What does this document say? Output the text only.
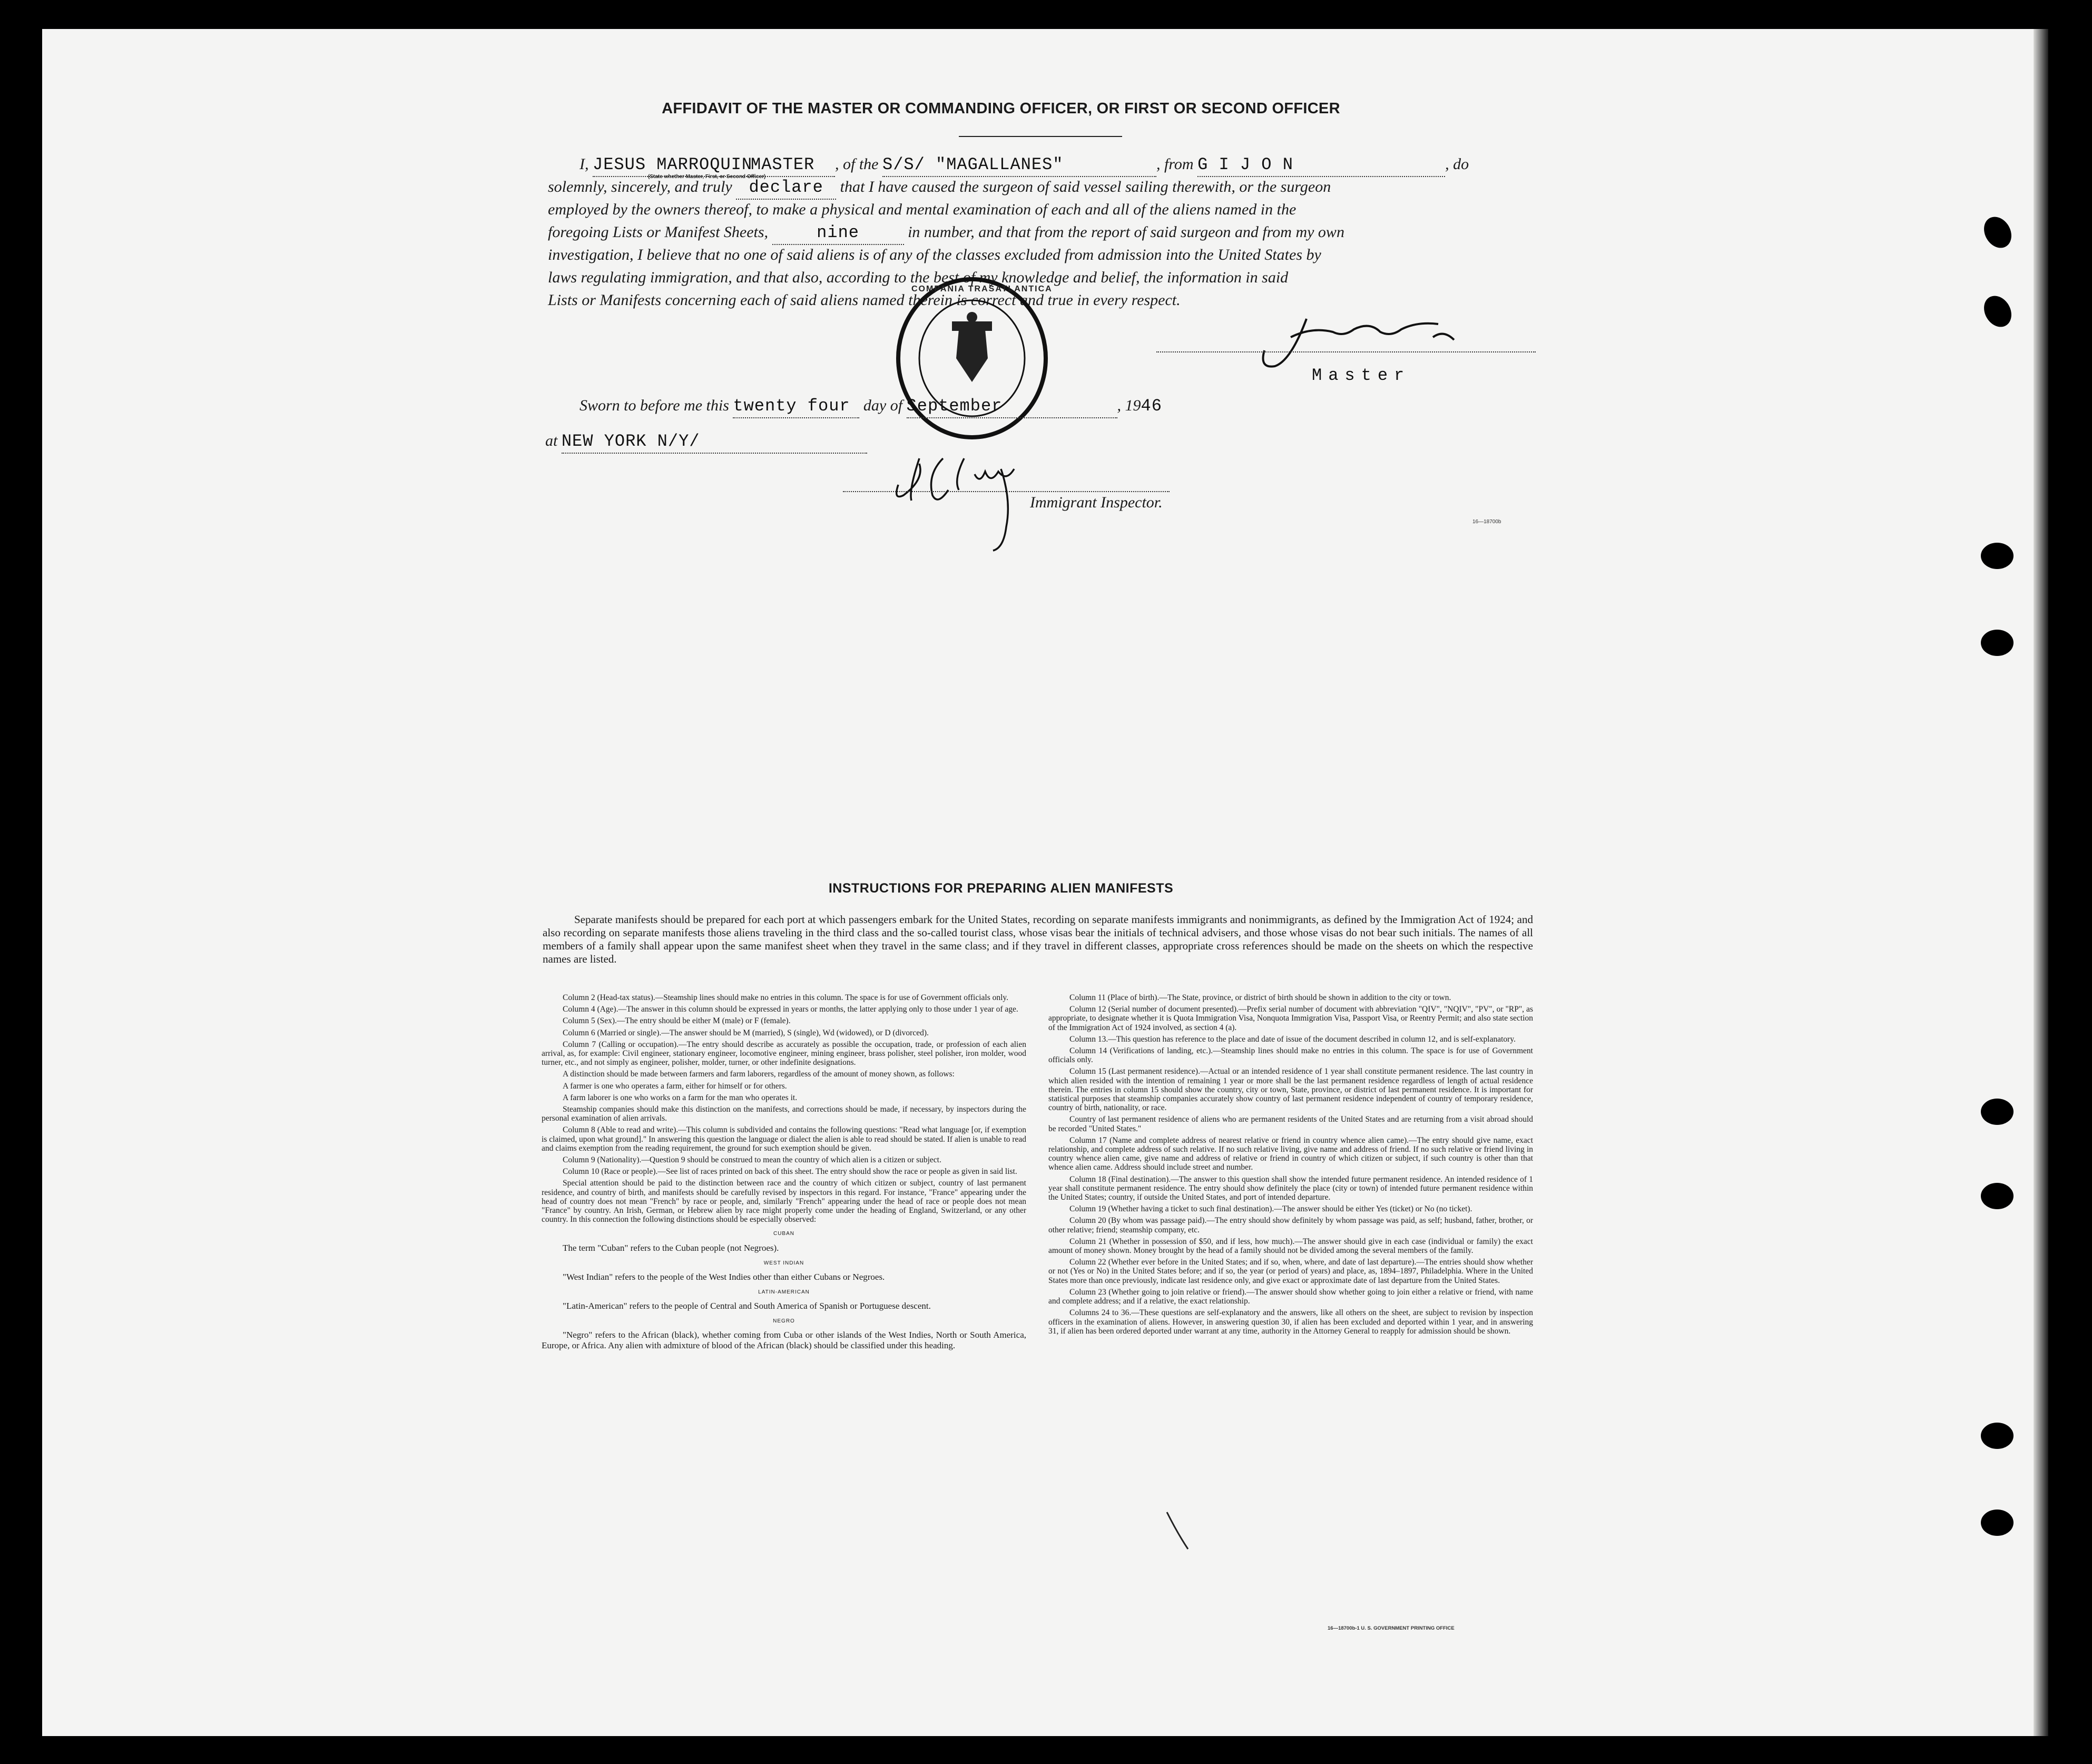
AFFIDAVIT OF THE MASTER OR COMMANDING OFFICER, OR FIRST OR SECOND OFFICER
I, JESUS MARROQUINMASTER , of the S/S/ "MAGALLANES"	, from G I J O N	, do
solemnly, sincerely, and truly declare that I have caused the surgeon of said vessel sailing therewith, or the surgeon
employed by the owners thereof, to make a physical and mental examination of each and all of the aliens named in the
foregoing Lists or Manifest Sheets,	nine	in number, and that from the report of said surgeon and from my own
investigation, I believe that no one of said aliens is of any of the classes excluded from admission into the United States by
laws regulating immigration, and that also, according to the best of my knowledge and belief, the information in said
Lists or Manifests concerning each of said aliens named therein is correct and true in every respect.
(State whether Master, First, or Second Officer)
COMPANIA TRASATLANTICA
Master
Sworn to before me this twenty four day of September	, 1946
at NEW YORK N/Y/
Immigrant Inspector.
16—18700b
INSTRUCTIONS FOR PREPARING ALIEN MANIFESTS
Separate manifests should be prepared for each port at which passengers embark for the United States, recording on separate manifests immigrants and nonimmigrants, as defined by the Immigration Act of 1924; and also recording on separate manifests those aliens traveling in the third class and the so-called tourist class, whose visas bear the initials of technical advisers, and those whose visas do not bear such initials. The names of all members of a family shall appear upon the same manifest sheet when they travel in the same class; and if they travel in different classes, appropriate cross references should be made on the sheets on which the respective names are listed.

Column 2 (Head-tax status).—Steamship lines should make no entries in this column. The space is for use of Government officials only.

Column 4 (Age).—The answer in this column should be expressed in years or months, the latter applying only to those under 1 year of age.

Column 5 (Sex).—The entry should be either M (male) or F (female).

Column 6 (Married or single).—The answer should be M (married), S (single), Wd (widowed), or D (divorced).

Column 7 (Calling or occupation).—The entry should describe as accurately as possible the occupation, trade, or profession of each alien arrival, as, for example: Civil engineer, stationary engineer, locomotive engineer, mining engineer, brass polisher, steel polisher, iron molder, wood turner, etc., and not simply as engineer, polisher, molder, turner, or other indefinite designations.

A distinction should be made between farmers and farm laborers, regardless of the amount of money shown, as follows:

A farmer is one who operates a farm, either for himself or for others.

A farm laborer is one who works on a farm for the man who operates it.

Steamship companies should make this distinction on the manifests, and corrections should be made, if necessary, by inspectors during the personal examination of alien arrivals.

Column 8 (Able to read and write).—This column is subdivided and contains the following questions: "Read what language [or, if exemption is claimed, upon what ground]." In answering this question the language or dialect the alien is able to read should be stated. If alien is unable to read and claims exemption from the reading requirement, the ground for such exemption should be given.

Column 9 (Nationality).—Question 9 should be construed to mean the country of which alien is a citizen or subject.

Column 10 (Race or people).—See list of races printed on back of this sheet. The entry should show the race or people as given in said list.

Special attention should be paid to the distinction between race and the country of which citizen or subject, country of last permanent residence, and country of birth, and manifests should be carefully revised by inspectors in this regard. For instance, "France" appearing under the head of country does not mean "French" by race or people, and, similarly "French" appearing under the head of race or people does not mean "France" by country. An Irish, German, or Hebrew alien by race might properly come under the heading of England, Switzerland, or any other country. In this connection the following distinctions should be especially observed:

CUBAN

The term "Cuban" refers to the Cuban people (not Negroes).

WEST INDIAN

"West Indian" refers to the people of the West Indies other than either Cubans or Negroes.

LATIN-AMERICAN

"Latin-American" refers to the people of Central and South America of Spanish or Portuguese descent.

NEGRO

"Negro" refers to the African (black), whether coming from Cuba or other islands of the West Indies, North or South America, Europe, or Africa. Any alien with admixture of blood of the African (black) should be classified under this heading.

Column 11 (Place of birth).—The State, province, or district of birth should be shown in addition to the city or town.

Column 12 (Serial number of document presented).—Prefix serial number of document with abbreviation "QIV", "NQIV", "PV", or "RP", as appropriate, to designate whether it is Quota Immigration Visa, Nonquota Immigration Visa, Passport Visa, or Reentry Permit; and also state section of the Immigration Act of 1924 involved, as section 4 (a).

Column 13.—This question has reference to the place and date of issue of the document described in column 12, and is self-explanatory.

Column 14 (Verifications of landing, etc.).—Steamship lines should make no entries in this column. The space is for use of Government officials only.

Column 15 (Last permanent residence).—Actual or an intended residence of 1 year shall constitute permanent residence. The last country in which alien resided with the intention of remaining 1 year or more shall be the last permanent residence regardless of length of actual residence therein. The entries in column 15 should show the country, city or town, State, province, or district of last permanent residence. It is important for statistical purposes that steamship companies accurately show country of last permanent residence independent of country of temporary residence, country of birth, nationality, or race.

Country of last permanent residence of aliens who are permanent residents of the United States and are returning from a visit abroad should be recorded "United States."

Column 17 (Name and complete address of nearest relative or friend in country whence alien came).—The entry should give name, exact relationship, and complete address of such relative. If no such relative living, give name and address of friend. If no such relative or friend living in country whence alien came, give name and address of relative or friend in country of which citizen or subject, if such country is other than that whence alien came. Address should include street and number.

Column 18 (Final destination).—The answer to this question shall show the intended future permanent residence. An intended residence of 1 year shall constitute permanent residence. The entry should show definitely the place (city or town) of intended future permanent residence within the United States; country, if outside the United States, and port of intended departure.

Column 19 (Whether having a ticket to such final destination).—The answer should be either Yes (ticket) or No (no ticket).

Column 20 (By whom was passage paid).—The entry should show definitely by whom passage was paid, as self; husband, father, brother, or other relative; friend; steamship company, etc.

Column 21 (Whether in possession of $50, and if less, how much).—The answer should give in each case (individual or family) the exact amount of money shown. Money brought by the head of a family should not be divided among the several members of the family.

Column 22 (Whether ever before in the United States; and if so, when, where, and date of last departure).—The entries should show whether or not (Yes or No) in the United States before; and if so, the year (or period of years) and place, as, 1894–1897, Philadelphia. Where in the United States more than once previously, indicate last residence only, and give exact or approximate date of last departure from the United States.

Column 23 (Whether going to join relative or friend).—The answer should show whether going to join either a relative or friend, with name and complete address; and if a relative, the exact relationship.

Columns 24 to 36.—These questions are self-explanatory and the answers, like all others on the sheet, are subject to revision by inspection officers in the examination of aliens. However, in answering question 30, if alien has been excluded and deported within 1 year, and in answering 31, if alien has been ordered deported under warrant at any time, authority in the Attorney General to reapply for admission should be shown.

16—18700b-1 U. S. GOVERNMENT PRINTING OFFICE
